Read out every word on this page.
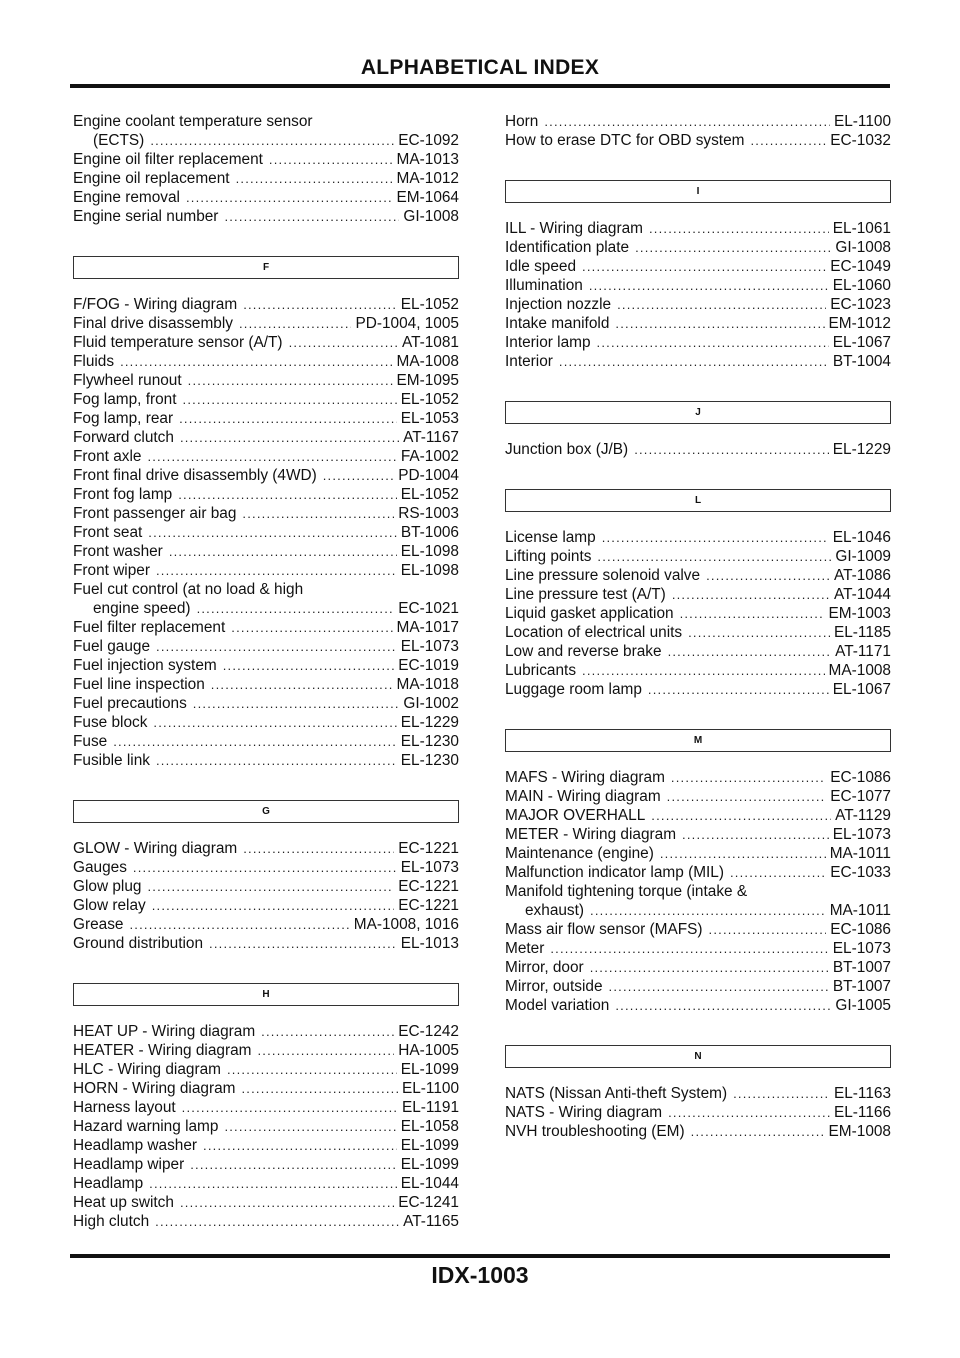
ALPHABETICAL INDEX
Engine coolant temperature sensor
(ECTS) .....	EC-1092
Engine oil filter replacement .....	MA-1013
Engine oil replacement .....	MA-1012
Engine removal .....	EM-1064
Engine serial number .....	GI-1008
F
F/FOG - Wiring diagram .....	EL-1052
Final drive disassembly .....	PD-1004, 1005
Fluid temperature sensor (A/T) .....	AT-1081
Fluids .....	MA-1008
Flywheel runout .....	EM-1095
Fog lamp, front .....	EL-1052
Fog lamp, rear .....	EL-1053
Forward clutch .....	AT-1167
Front axle .....	FA-1002
Front final drive disassembly (4WD) .....	PD-1004
Front fog lamp .....	EL-1052
Front passenger air bag .....	RS-1003
Front seat .....	BT-1006
Front washer .....	EL-1098
Front wiper .....	EL-1098
Fuel cut control (at no load & high
engine speed) .....	EC-1021
Fuel filter replacement .....	MA-1017
Fuel gauge .....	EL-1073
Fuel injection system .....	EC-1019
Fuel line inspection .....	MA-1018
Fuel precautions .....	GI-1002
Fuse block .....	EL-1229
Fuse .....	EL-1230
Fusible link .....	EL-1230
G
GLOW - Wiring diagram .....	EC-1221
Gauges .....	EL-1073
Glow plug .....	EC-1221
Glow relay .....	EC-1221
Grease .....	MA-1008, 1016
Ground distribution .....	EL-1013
H
HEAT UP - Wiring diagram .....	EC-1242
HEATER - Wiring diagram .....	HA-1005
HLC - Wiring diagram .....	EL-1099
HORN - Wiring diagram .....	EL-1100
Harness layout .....	EL-1191
Hazard warning lamp .....	EL-1058
Headlamp washer .....	EL-1099
Headlamp wiper .....	EL-1099
Headlamp .....	EL-1044
Heat up switch .....	EC-1241
High clutch .....	AT-1165
Horn .....	EL-1100
How to erase DTC for OBD system .....	EC-1032
I
ILL - Wiring diagram .....	EL-1061
Identification plate .....	GI-1008
Idle speed .....	EC-1049
Illumination .....	EL-1060
Injection nozzle .....	EC-1023
Intake manifold .....	EM-1012
Interior lamp .....	EL-1067
Interior .....	BT-1004
J
Junction box (J/B) .....	EL-1229
L
License lamp .....	EL-1046
Lifting points .....	GI-1009
Line pressure solenoid valve .....	AT-1086
Line pressure test (A/T) .....	AT-1044
Liquid gasket application .....	EM-1003
Location of electrical units .....	EL-1185
Low and reverse brake .....	AT-1171
Lubricants .....	MA-1008
Luggage room lamp .....	EL-1067
M
MAFS - Wiring diagram .....	EC-1086
MAIN - Wiring diagram .....	EC-1077
MAJOR OVERHALL .....	AT-1129
METER - Wiring diagram .....	EL-1073
Maintenance (engine) .....	MA-1011
Malfunction indicator lamp (MIL) .....	EC-1033
Manifold tightening torque (intake &
exhaust) .....	MA-1011
Mass air flow sensor (MAFS) .....	EC-1086
Meter .....	EL-1073
Mirror, door .....	BT-1007
Mirror, outside .....	BT-1007
Model variation .....	GI-1005
N
NATS (Nissan Anti-theft System) .....	EL-1163
NATS - Wiring diagram .....	EL-1166
NVH troubleshooting (EM) .....	EM-1008
IDX-1003
